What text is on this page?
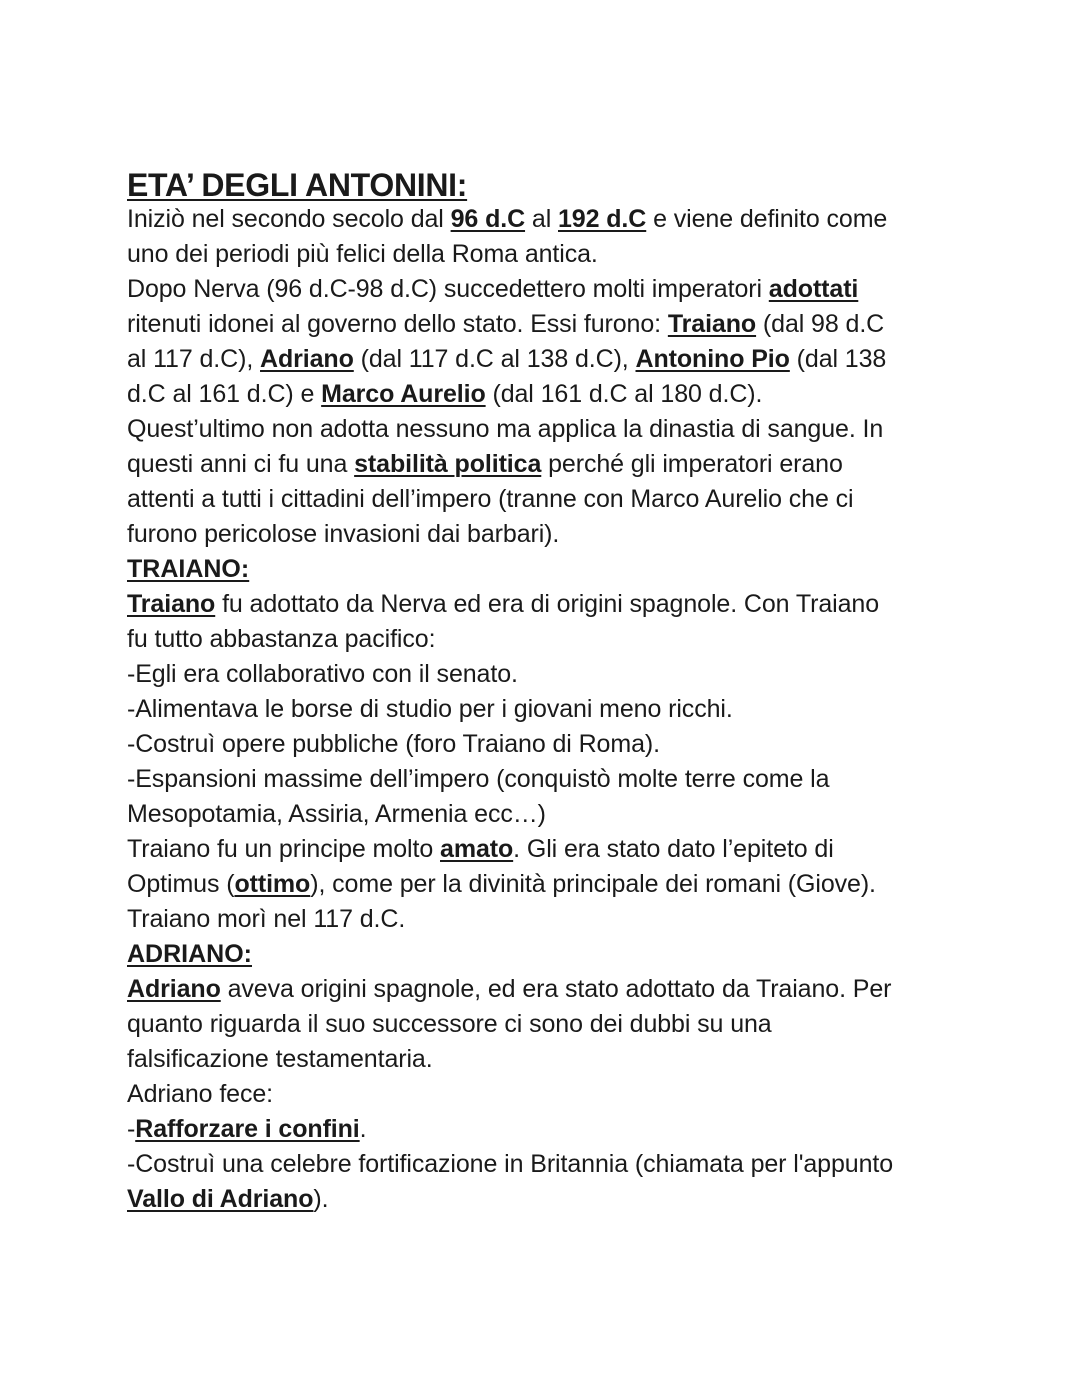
ETA’ DEGLI ANTONINI:
Iniziò nel secondo secolo dal 96 d.C al 192 d.C e viene definito come
uno dei periodi più felici della Roma antica.
Dopo Nerva (96 d.C-98 d.C) succedettero molti imperatori adottati
ritenuti idonei al governo dello stato. Essi furono: Traiano (dal 98 d.C
al 117 d.C), Adriano (dal 117 d.C al 138 d.C), Antonino Pio (dal 138
d.C al 161 d.C) e Marco Aurelio (dal 161 d.C al 180 d.C).
Quest’ultimo non adotta nessuno ma applica la dinastia di sangue. In
questi anni ci fu una stabilità politica perché gli imperatori erano
attenti a tutti i cittadini dell’impero (tranne con Marco Aurelio che ci
furono pericolose invasioni dai barbari).
TRAIANO:
Traiano fu adottato da Nerva ed era di origini spagnole. Con Traiano
fu tutto abbastanza pacifico:
-Egli era collaborativo con il senato.
-Alimentava le borse di studio per i giovani meno ricchi.
-Costruì opere pubbliche (foro Traiano di Roma).
-Espansioni massime dell’impero (conquistò molte terre come la
Mesopotamia, Assiria, Armenia ecc…)
Traiano fu un principe molto amato. Gli era stato dato l’epiteto di
Optimus (ottimo), come per la divinità principale dei romani (Giove).
Traiano morì nel 117 d.C.
ADRIANO:
Adriano aveva origini spagnole, ed era stato adottato da Traiano. Per
quanto riguarda il suo successore ci sono dei dubbi su una
falsificazione testamentaria.
Adriano fece:
-Rafforzare i confini.
-Costruì una celebre fortificazione in Britannia (chiamata per l'appunto
Vallo di Adriano).
